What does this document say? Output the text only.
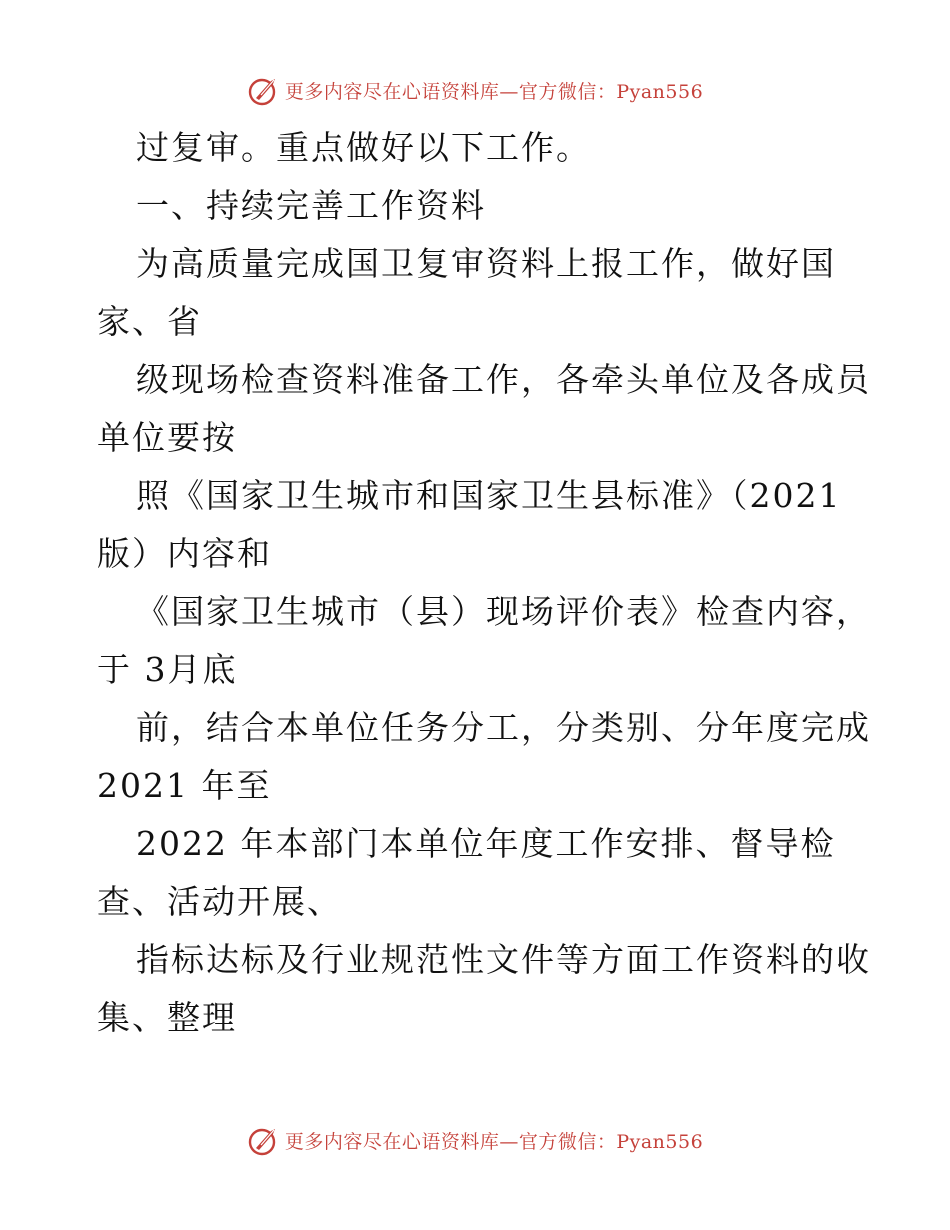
更多内容尽在心语资料库—官方微信：Pyan556
过复审。重点做好以下工作。
一、持续完善工作资料
为高质量完成国卫复审资料上报工作，做好国
家、省
级现场检查资料准备工作，各牵头单位及各成员
单位要按
照《国家卫生城市和国家卫生县标准》（2021
版）内容和
《国家卫生城市（县）现场评价表》检查内容，
于 3月底
前，结合本单位任务分工，分类别、分年度完成
2021 年至
2022 年本部门本单位年度工作安排、督导检
查、活动开展、
指标达标及行业规范性文件等方面工作资料的收
集、整理
更多内容尽在心语资料库—官方微信：Pyan556
